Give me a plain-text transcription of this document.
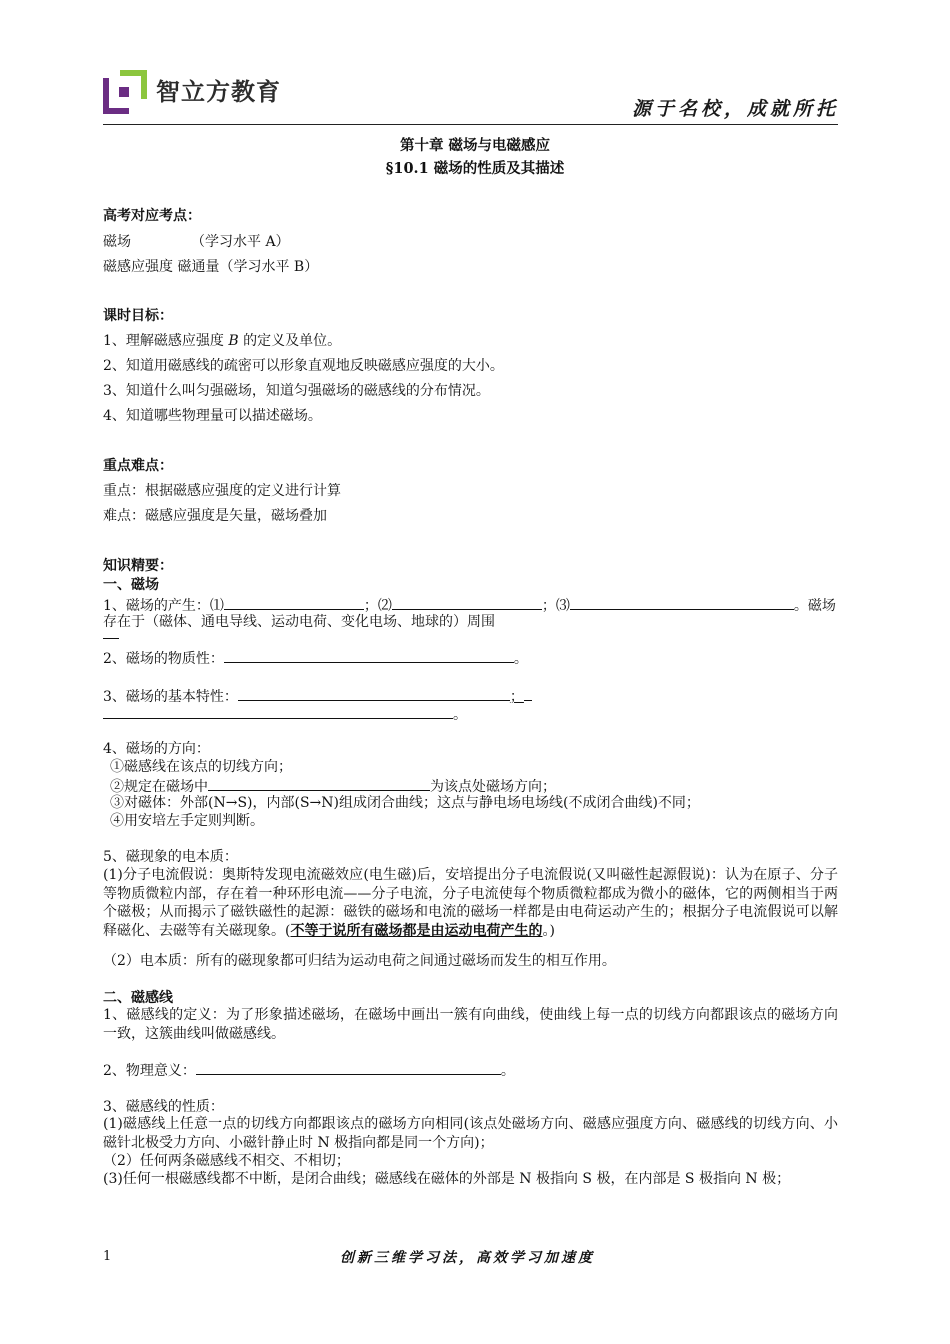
智立方教育
源于名校，成就所托
第十章 磁场与电磁感应
§10.1 磁场的性质及其描述
高考对应考点：
磁场	（学习水平 A）
磁感应强度 磁通量（学习水平 B）
课时目标：
1、理解磁感应强度 B 的定义及单位。
2、知道用磁感线的疏密可以形象直观地反映磁感应强度的大小。
3、知道什么叫匀强磁场，知道匀强磁场的磁感线的分布情况。
4、知道哪些物理量可以描述磁场。
重点难点：
重点：根据磁感应强度的定义进行计算
难点：磁感应强度是矢量，磁场叠加
知识精要：
一、磁场
1、磁场的产生：⑴	；⑵	；⑶	。磁场
存在于（磁体、通电导线、运动电荷、变化电场、地球的）周围
2、磁场的物质性：	。
3、磁场的基本特性：	；
。
4、磁场的方向：
①磁感线在该点的切线方向；
②规定在磁场中	为该点处磁场方向；
③对磁体：外部(N→S)，内部(S→N)组成闭合曲线；这点与静电场电场线(不成闭合曲线)不同；
④用安培左手定则判断。
5、磁现象的电本质：
(1)分子电流假说：奥斯特发现电流磁效应(电生磁)后，安培提出分子电流假说(又叫磁性起源假说)：认为在原子、分子等物质微粒内部，存在着一种环形电流——分子电流，分子电流使每个物质微粒都成为微小的磁体，它的两侧相当于两个磁极；从而揭示了磁铁磁性的起源：磁铁的磁场和电流的磁场一样都是由电荷运动产生的；根据分子电流假说可以解释磁化、去磁等有关磁现象。(不等于说所有磁场都是由运动电荷产生的。)
（2）电本质：所有的磁现象都可归结为运动电荷之间通过磁场而发生的相互作用。
二、磁感线
1、磁感线的定义：为了形象描述磁场，在磁场中画出一簇有向曲线，使曲线上每一点的切线方向都跟该点的磁场方向一致，这簇曲线叫做磁感线。
2、物理意义：	。
3、磁感线的性质：
(1)磁感线上任意一点的切线方向都跟该点的磁场方向相同(该点处磁场方向、磁感应强度方向、磁感线的切线方向、小磁针北极受力方向、小磁针静止时 N 极指向都是同一个方向)；
（2）任何两条磁感线不相交、不相切；
(3)任何一根磁感线都不中断，是闭合曲线；磁感线在磁体的外部是 N 极指向 S 极，在内部是 S 极指向 N 极；
1	创新三维学习法，高效学习加速度
